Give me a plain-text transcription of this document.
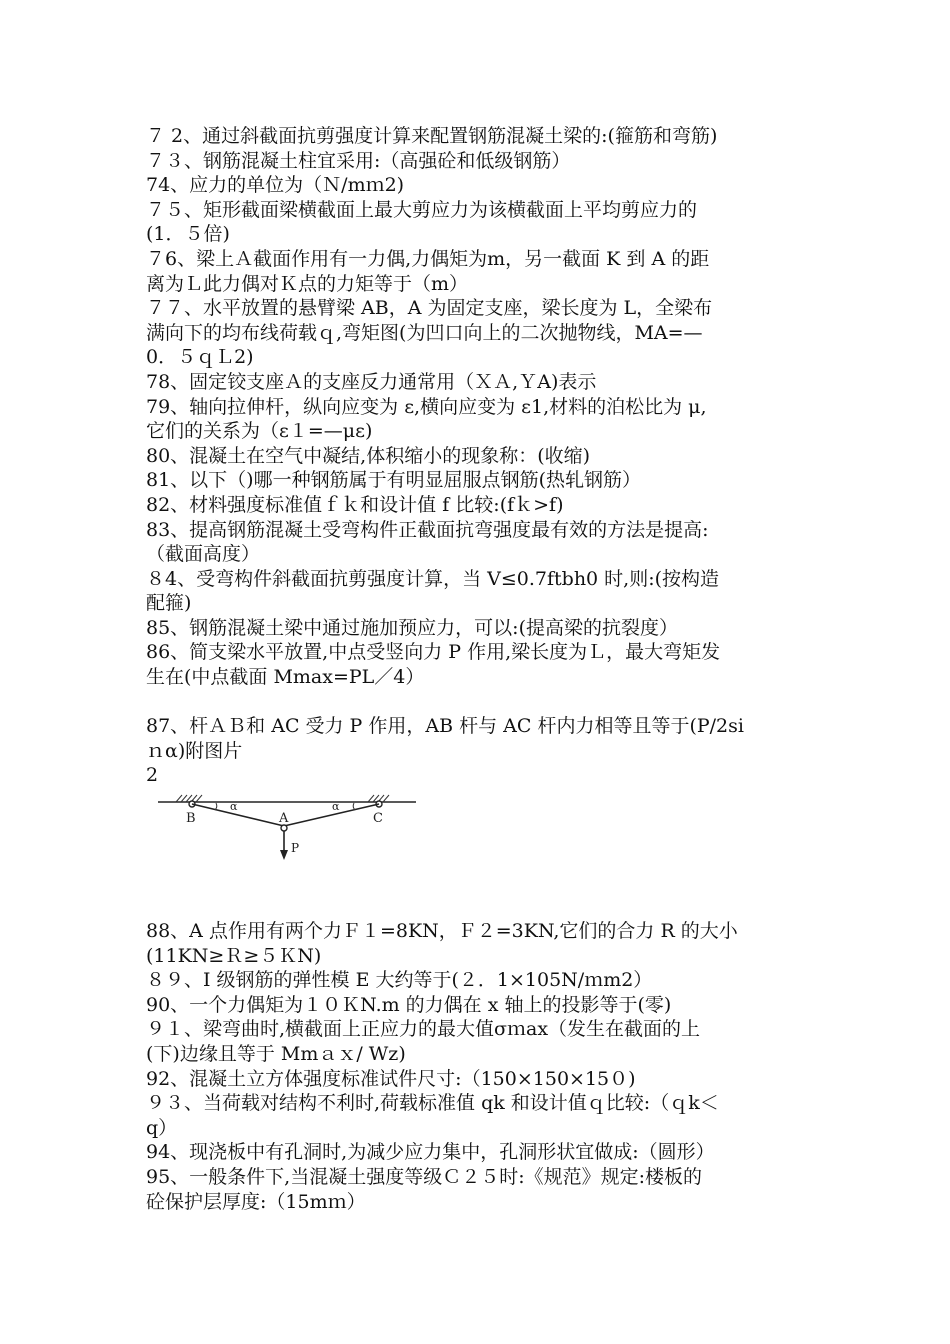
７ 2、通过斜截面抗剪强度计算来配置钢筋混凝土梁的:(箍筋和弯筋)
７３、钢筋混凝土柱宜采用:（高强砼和低级钢筋）
74、应力的单位为（Ｎ/mｍ2)
７５、矩形截面梁横截面上最大剪应力为该横截面上平均剪应力的
(1．５倍)
７6、梁上Ａ截面作用有一力偶,力偶矩为m，另一截面 K 到 A 的距
离为Ｌ此力偶对Ｋ点的力矩等于（m）
７７、水平放置的悬臂梁 AB，A 为固定支座，梁长度为 L，全梁布
满向下的均布线荷载ｑ,弯矩图(为凹口向上的二次抛物线，MA=—
0．５ｑＬ2)
78、固定铰支座Ａ的支座反力通常用（ＸＡ,ＹA)表示
79、轴向拉伸杆，纵向应变为 ε,横向应变为 ε1,材料的泊松比为 μ,
它们的关系为（ε１=—με)
80、混凝土在空气中凝结,体积缩小的现象称：(收缩)
81、以下（)哪一种钢筋属于有明显屈服点钢筋(热轧钢筋）
82、材料强度标准值ｆｋ和设计值 f 比较:(fｋ>f)
83、提高钢筋混凝土受弯构件正截面抗弯强度最有效的方法是提高:
（截面高度）
８4、受弯构件斜截面抗剪强度计算，当 V≤0.7ftbh0 时,则:(按构造
配箍)
85、钢筋混凝土梁中通过施加预应力，可以:(提高梁的抗裂度）
86、简支梁水平放置,中点受竖向力 P 作用,梁长度为Ｌ，最大弯矩发
生在(中点截面 Mmax=PL／4）
87、杆ＡＢ和 AC 受力 P 作用，AB 杆与 AC 杆内力相等且等于(P/2si
ｎα)附图片
2
B	A	C
P
α	α
88、A 点作用有两个力Ｆ１=8KN，Ｆ２=3KN,它们的合力 R 的大小
(11KN≥Ｒ≥５ＫN)
８９、I 级钢筋的弹性模 E 大约等于(２．1×105N/ｍm2）
90、一个力偶矩为１０ＫN.m 的力偶在 x 轴上的投影等于(零)
９１、梁弯曲时,横截面上正应力的最大值σｍax（发生在截面的上
(下)边缘且等于 Mmａｘ/ Wz)
92、混凝土立方体强度标准试件尺寸:（150×150×15０)
９３、当荷载对结构不利时,荷载标准值 qk 和设计值ｑ比较:（ｑk＜
q）
94、现浇板中有孔洞时,为减少应力集中，孔洞形状宜做成:（圆形）
95、一般条件下,当混凝土强度等级Ｃ２５时:《规范》规定:楼板的
砼保护层厚度:（15mｍ）
